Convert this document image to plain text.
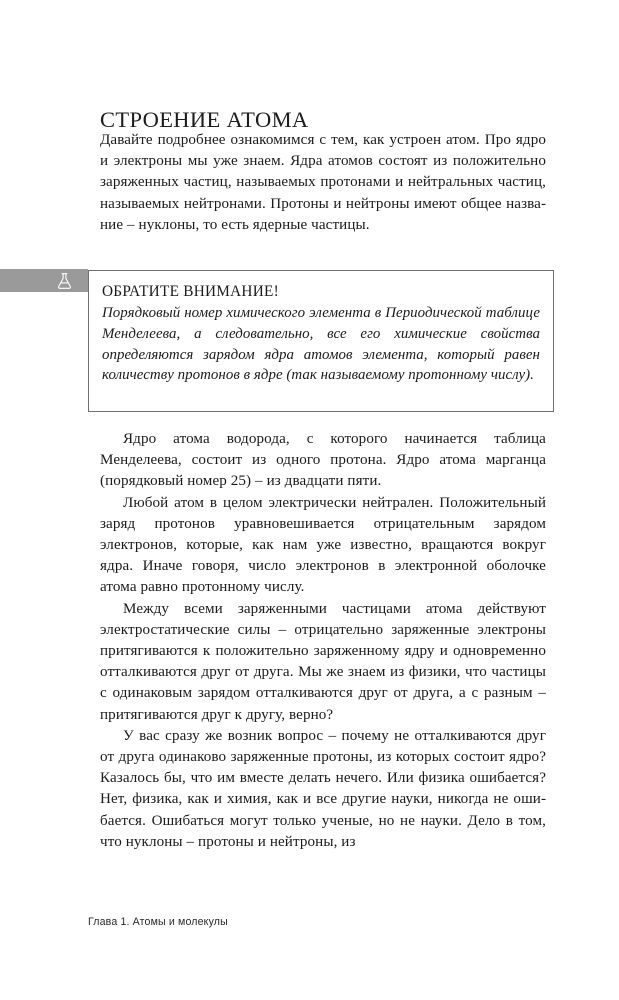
СТРОЕНИЕ АТОМА

Давайте подробнее ознакомимся с тем, как устроен атом. Про ядро и электроны мы уже знаем. Ядра атомов состоят из положительно заряженных частиц, называемых протонами и нейтральных частиц, называемых нейтронами. Протоны и нейтроны имеют общее название – нуклоны, то есть ядерные частицы.

ОБРАТИТЕ ВНИМАНИЕ!

Порядковый номер химического элемента в Периодической таблице Менделеева, а следовательно, все его химические свойства определяются зарядом ядра атомов элемента, который равен количеству протонов в ядре (так называемому протонному числу).

Ядро атома водорода, с которого начинается таблица Менделеева, состоит из одного протона. Ядро атома марганца (порядковый номер 25) – из двадцати пяти.

Любой атом в целом электрически нейтрален. Положительный заряд протонов уравновешивается отрицательным зарядом электронов, которые, как нам уже известно, вращаются вокруг ядра. Иначе говоря, число электронов в электронной оболочке атома равно протонному числу.

Между всеми заряженными частицами атома действуют электростатические силы – отрицательно заряженные электроны притягиваются к положительно заряженному ядру и одновременно отталкиваются друг от друга. Мы же знаем из физики, что частицы с одинаковым зарядом отталкиваются друг от друга, а с разным – притягиваются друг к другу, верно?

У вас сразу же возник вопрос – почему не отталкиваются друг от друга одинаково заряженные протоны, из которых состоит ядро? Казалось бы, что им вместе делать нечего. Или физика ошибается? Нет, физика, как и химия, как и все другие науки, никогда не ошибается. Ошибаться могут только ученые, но не науки. Дело в том, что нуклоны – протоны и нейтроны, из

Глава 1. Атомы и молекулы
